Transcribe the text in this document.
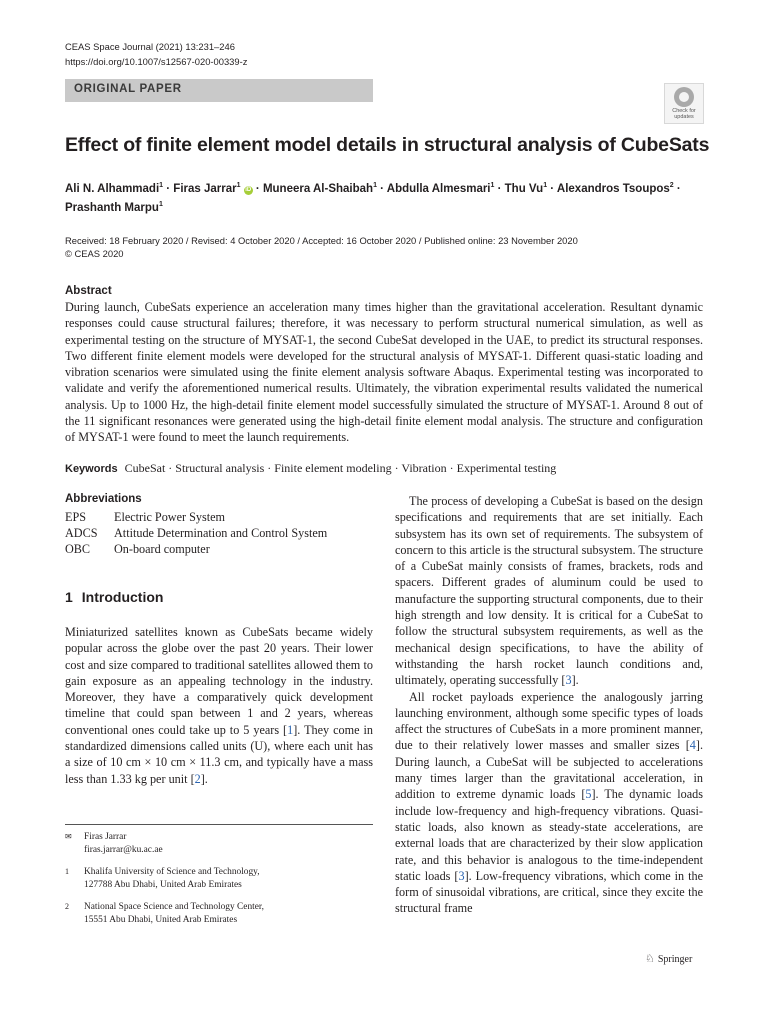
CEAS Space Journal (2021) 13:231–246
https://doi.org/10.1007/s12567-020-00339-z
ORIGINAL PAPER
Check for
updates
Effect of finite element model details in structural analysis of CubeSats
Ali N. Alhammadi$^1$ · Firas Jarrar$^1$ iD · Muneera Al‑Shaibah$^1$ · Abdulla Almesmari$^1$ · Thu $Vu^1$ · Alexandros Tsoupos$^2$ · Prashanth Marpu$^1$
Received: 18 February 2020 / Revised: 4 October 2020 / Accepted: 16 October 2020 / Published online: 23 November 2020
© CEAS 2020
Abstract
During launch, CubeSats experience an acceleration many times higher than the gravitational acceleration. Resultant dynamic responses could cause structural failures; therefore, it was necessary to perform structural numerical simulation, as well as experimental testing on the structure of MYSAT-1, the second CubeSat developed in the UAE, to predict its structural responses. Two different finite element models were developed for the structural analysis of MYSAT-1. Different quasi-static loading and vibration scenarios were simulated using the finite element analysis software Abaqus. Experimental testing was incorporated to validate and verify the aforementioned numerical results. Ultimately, the vibration experimental results validated the numerical analysis. Up to 1000 Hz, the high-detail finite element model successfully simulated the structure of MYSAT-1. Around 8 out of the 11 significant resonances were generated using the high-detail finite element modal analysis. The structure and configuration of MYSAT-1 were found to meet the launch requirements.
Keywords CubeSat · Structural analysis · Finite element modeling · Vibration · Experimental testing
Abbreviations
EPS	Electric Power System
ADCS	Attitude Determination and Control System
OBC	On-board computer
1 Introduction

Miniaturized satellites known as CubeSats became widely popular across the globe over the past 20 years. Their lower cost and size compared to traditional satellites allowed them to gain exposure as an appealing technology in the industry. Moreover, they have a comparatively quick development timeline that could span between 1 and 2 years, whereas conventional ones could take up to 5 years [1]. They come in standardized dimensions called units (U), where each unit has a size of 10 cm × 10 cm × 11.3 cm, and typically have a mass less than 1.33 kg per unit [2].

The process of developing a CubeSat is based on the design specifications and requirements that are set initially. Each subsystem has its own set of requirements. The subsystem of concern to this article is the structural subsystem. The structure of a CubeSat mainly consists of frames, brackets, rods and spacers. Different grades of aluminum could be used to manufacture the supporting structural components, due to their high strength and low density. It is critical for a CubeSat to follow the structural subsystem requirements, as well as the mechanical design specifications, to have the ability of withstanding the harsh rocket launch conditions and, ultimately, operating successfully [3].

All rocket payloads experience the analogously jarring launching environment, although some specific types of loads affect the structures of CubeSats in a more prominent manner, due to their relatively lower masses and smaller sizes [4]. During launch, a CubeSat will be subjected to accelerations many times larger than the gravitational acceleration, in addition to extreme dynamic loads [5]. The dynamic loads include low-frequency and high-frequency vibrations. Quasi-static loads, also known as steady-state accelerations, are external loads that are characterized by their slow application rate, and this behavior is analogous to the time-independent static loads [3]. Low-frequency vibrations, which come in the form of sinusoidal vibrations, are critical, since they excite the structural frame

✉	Firas Jarrar
firas.jarrar@ku.ac.ae
1	Khalifa University of Science and Technology,
127788 Abu Dhabi, United Arab Emirates
2	National Space Science and Technology Center,
15551 Abu Dhabi, United Arab Emirates
♘ Springer
